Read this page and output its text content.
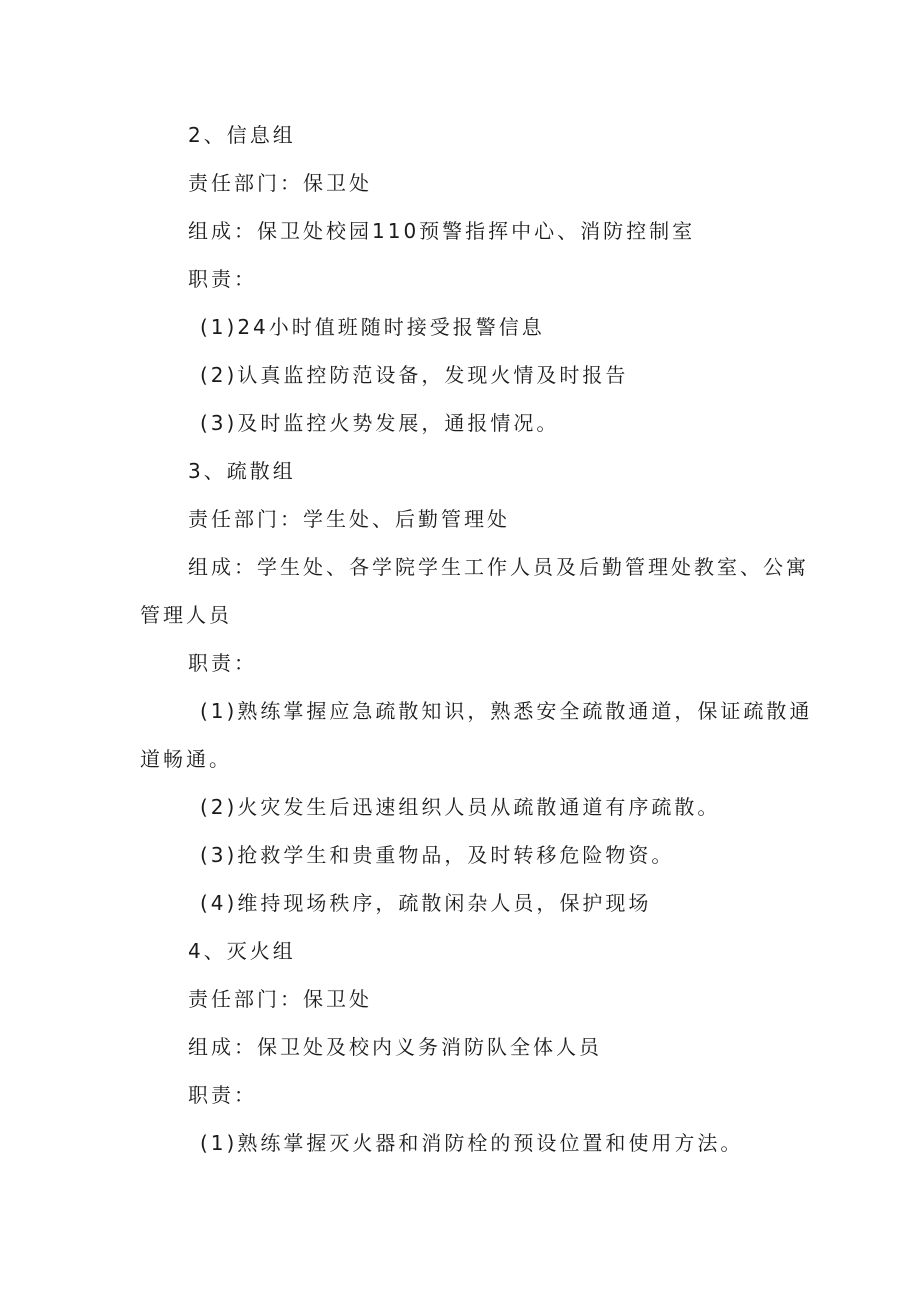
2、信息组
责任部门：保卫处
组成：保卫处校园110预警指挥中心、消防控制室
职责：
(1)24小时值班随时接受报警信息
(2)认真监控防范设备，发现火情及时报告
(3)及时监控火势发展，通报情况。
3、疏散组
责任部门：学生处、后勤管理处
组成：学生处、各学院学生工作人员及后勤管理处教室、公寓
管理人员
职责：
(1)熟练掌握应急疏散知识，熟悉安全疏散通道，保证疏散通
道畅通。
(2)火灾发生后迅速组织人员从疏散通道有序疏散。
(3)抢救学生和贵重物品，及时转移危险物资。
(4)维持现场秩序，疏散闲杂人员，保护现场
4、灭火组
责任部门：保卫处
组成：保卫处及校内义务消防队全体人员
职责：
(1)熟练掌握灭火器和消防栓的预设位置和使用方法。
